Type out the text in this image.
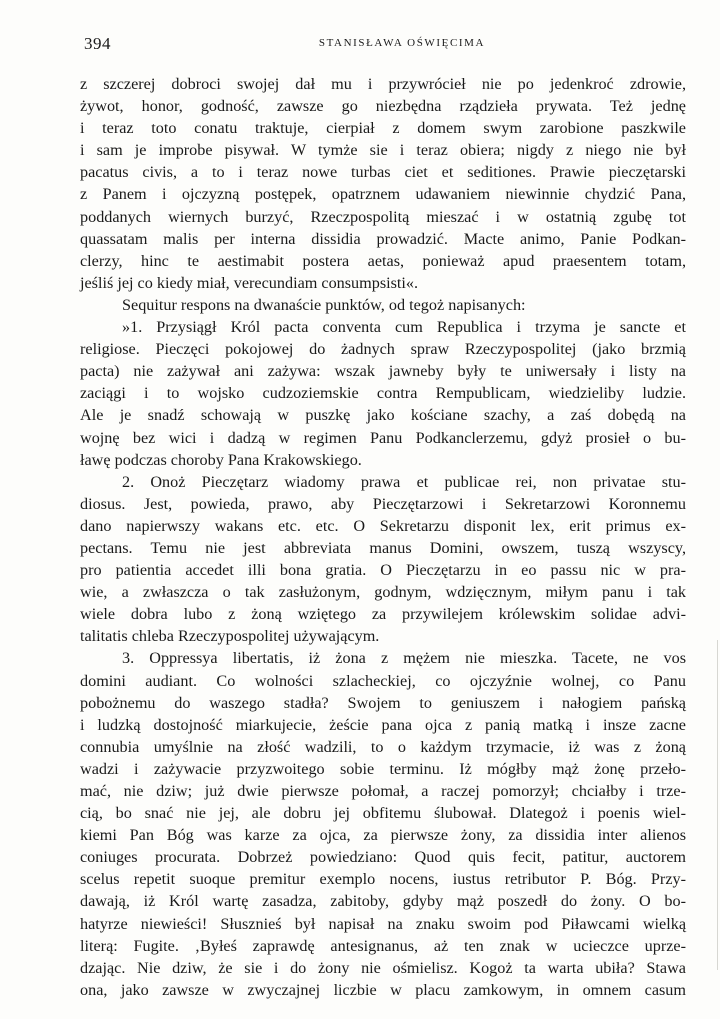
394	STANISŁAWA OŚWIĘCIMA
z szczerej dobroci swojej dał mu i przywrócieł nie po jedenkroć zdrowie,
żywot, honor, godność, zawsze go niezbędna rządzieła prywata. Też jednę
i teraz toto conatu traktuje, cierpiał z domem swym zarobione paszkwile
i sam je improbe pisywał. W tymże sie i teraz obiera; nigdy z niego nie był
pacatus civis, a to i teraz nowe turbas ciet et seditiones. Prawie pieczętarski
z Panem i ojczyzną postępek, opatrznem udawaniem niewinnie chydzić Pana,
poddanych wiernych burzyć, Rzeczpospolitą mieszać i w ostatnią zgubę tot
quassatam malis per interna dissidia prowadzić. Macte animo, Panie Podkan-
clerzy, hinc te aestimabit postera aetas, ponieważ apud praesentem totam,
jeśliś jej co kiedy miał, verecundiam consumpsisti«.
Sequitur respons na dwanaście punktów, od tegoż napisanych:
»1. Przysiągł Król pacta conventa cum Republica i trzyma je sancte et
religiose. Pieczęci pokojowej do żadnych spraw Rzeczypospolitej (jako brzmią
pacta) nie zażywał ani zażywa: wszak jawneby były te uniwersały i listy na
zaciągi i to wojsko cudzoziemskie contra Rempublicam, wiedzieliby ludzie.
Ale je snadź schowają w puszkę jako kościane szachy, a zaś dobędą na
wojnę bez wici i dadzą w regimen Panu Podkanclerzemu, gdyż prosieł o bu-
ławę podczas choroby Pana Krakowskiego.
2. Onoż Pieczętarz wiadomy prawa et publicae rei, non privatae stu-
diosus. Jest, powieda, prawo, aby Pieczętarzowi i Sekretarzowi Koronnemu
dano napierwszy wakans etc. etc. O Sekretarzu disponit lex, erit primus ex-
pectans. Temu nie jest abbreviata manus Domini, owszem, tuszą wszyscy,
pro patientia accedet illi bona gratia. O Pieczętarzu in eo passu nic w pra-
wie, a zwłaszcza o tak zasłużonym, godnym, wdzięcznym, miłym panu i tak
wiele dobra lubo z żoną wziętego za przywilejem królewskim solidae advi-
talitatis chleba Rzeczypospolitej używającym.
3. Oppressya libertatis, iż żona z mężem nie mieszka. Tacete, ne vos
domini audiant. Co wolności szlacheckiej, co ojczyźnie wolnej, co Panu
pobożnemu do waszego stadła? Swojem to geniuszem i nałogiem pańską
i ludzką dostojność miarkujecie, żeście pana ojca z panią matką i insze zacne
connubia umyślnie na złość wadzili, to o każdym trzymacie, iż was z żoną
wadzi i zażywacie przyzwoitego sobie terminu. Iż mógłby mąż żonę przeło-
mać, nie dziw; już dwie pierwsze połomał, a raczej pomorzył; chciałby i trze-
cią, bo snać nie jej, ale dobru jej obfitemu ślubował. Dlategoż i poenis wiel-
kiemi Pan Bóg was karze za ojca, za pierwsze żony, za dissidia inter alienos
coniuges procurata. Dobrzeż powiedziano: Quod quis fecit, patitur, auctorem
scelus repetit suoque premitur exemplo nocens, iustus retributor P. Bóg. Przy-
dawają, iż Król wartę zasadza, zabitoby, gdyby mąż poszedł do żony. O bo-
hatyrze niewieści! Słusznieś był napisał na znaku swoim pod Piławcami wielką
literą: Fugite. ‚Byłeś zaprawdę antesignanus, aż ten znak w ucieczce uprze-
dzając. Nie dziw, że sie i do żony nie ośmielisz. Kogoż ta warta ubiła? Stawa
ona, jako zawsze w zwyczajnej liczbie w placu zamkowym, in omnem casum
